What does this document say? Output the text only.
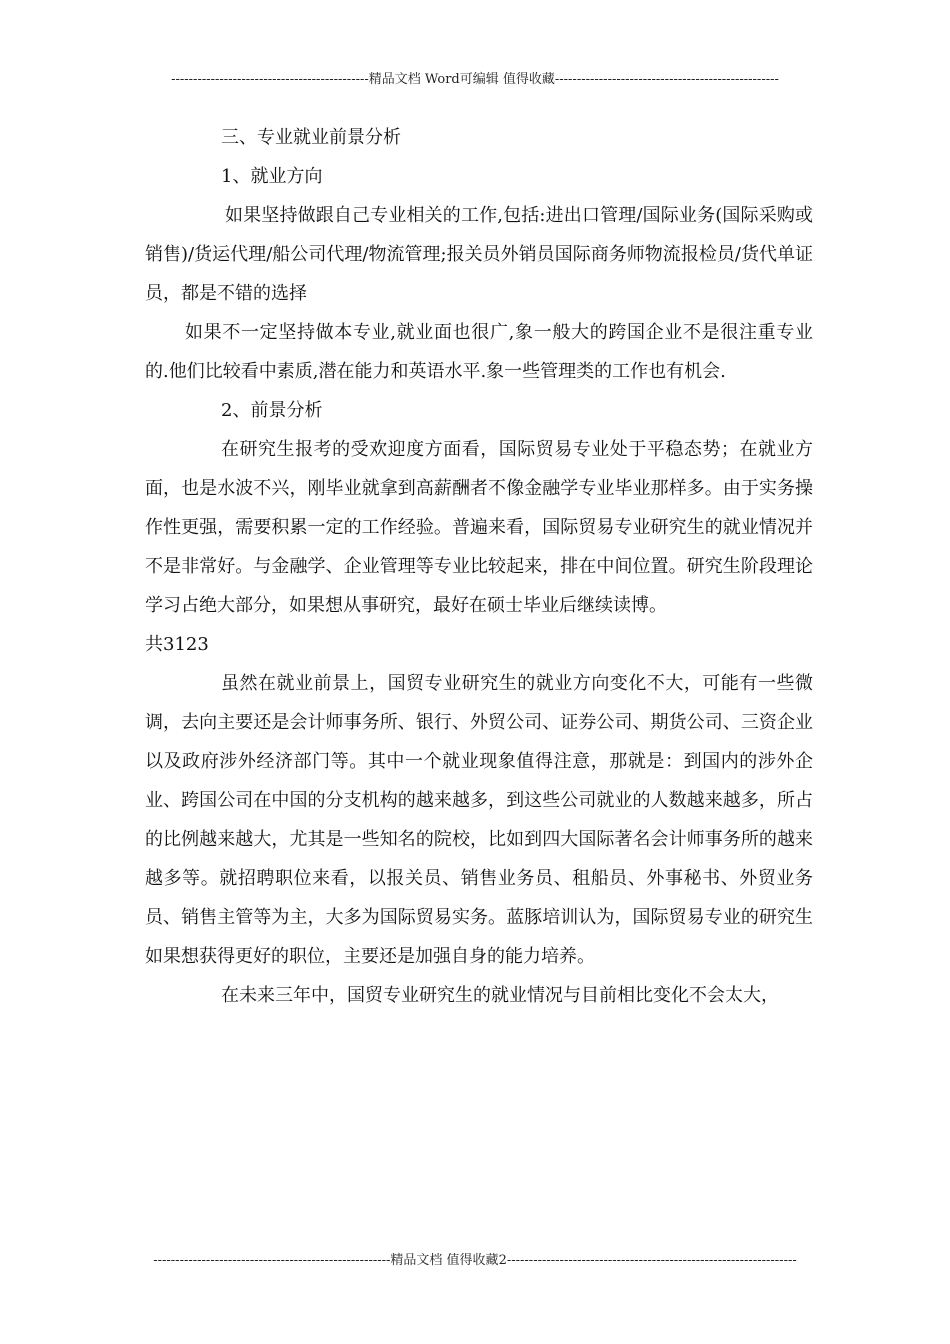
---------------------------------------------精品文档 Word可编辑 值得收藏---------------------------------------------------

三、专业就业前景分析

1、就业方向

如果坚持做跟自己专业相关的工作,包括:进出口管理/国际业务(国际采购或销售)/货运代理/船公司代理/物流管理;报关员外销员国际商务师物流报检员/货代单证员，都是不错的选择

如果不一定坚持做本专业,就业面也很广,象一般大的跨国企业不是很注重专业的.他们比较看中素质,潜在能力和英语水平.象一些管理类的工作也有机会.

2、前景分析

在研究生报考的受欢迎度方面看，国际贸易专业处于平稳态势；在就业方面，也是水波不兴，刚毕业就拿到高薪酬者不像金融学专业毕业那样多。由于实务操作性更强，需要积累一定的工作经验。普遍来看，国际贸易专业研究生的就业情况并不是非常好。与金融学、企业管理等专业比较起来，排在中间位置。研究生阶段理论学习占绝大部分，如果想从事研究，最好在硕士毕业后继续读博。

共3123

虽然在就业前景上，国贸专业研究生的就业方向变化不大，可能有一些微调，去向主要还是会计师事务所、银行、外贸公司、证券公司、期货公司、三资企业以及政府涉外经济部门等。其中一个就业现象值得注意，那就是：到国内的涉外企业、跨国公司在中国的分支机构的越来越多，到这些公司就业的人数越来越多，所占的比例越来越大，尤其是一些知名的院校，比如到四大国际著名会计师事务所的越来越多等。就招聘职位来看，以报关员、销售业务员、租船员、外事秘书、外贸业务员、销售主管等为主，大多为国际贸易实务。蓝豚培训认为，国际贸易专业的研究生如果想获得更好的职位，主要还是加强自身的能力培养。

在未来三年中，国贸专业研究生的就业情况与目前相比变化不会太大，

------------------------------------------------------精品文档 值得收藏2------------------------------------------------------------------
